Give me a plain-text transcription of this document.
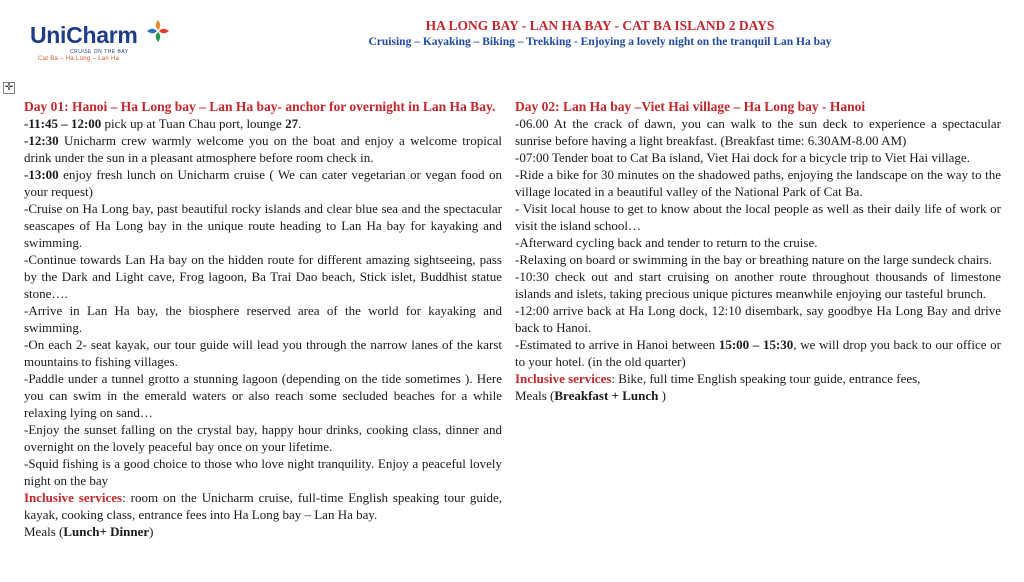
UniCharm
CRUISE ON THE BAY
Cat Ba – Ha Long – Lan Ha
HA LONG BAY - LAN HA BAY - CAT BA ISLAND 2 DAYS
Cruising – Kayaking – Biking – Trekking - Enjoying a lovely night on the tranquil Lan Ha bay
✛

Day 01: Hanoi – Ha Long bay – Lan Ha bay- anchor for overnight in Lan Ha Bay.

-11:45 – 12:00 pick up at Tuan Chau port, lounge 27.

-12:30 Unicharm crew warmly welcome you on the boat and enjoy a welcome tropical drink under the sun in a pleasant atmosphere before room check in.

-13:00 enjoy fresh lunch on Unicharm cruise ( We can cater vegetarian or vegan food on your request)

-Cruise on Ha Long bay, past beautiful rocky islands and clear blue sea and the spectacular seascapes of Ha Long bay in the unique route heading to Lan Ha bay for kayaking and swimming.

-Continue towards Lan Ha bay on the hidden route for different amazing sightseeing, pass by the Dark and Light cave, Frog lagoon, Ba Trai Dao beach, Stick islet, Buddhist statue stone….

-Arrive in Lan Ha bay, the biosphere reserved area of the world for kayaking and swimming.

-On each 2- seat kayak, our tour guide will lead you through the narrow lanes of the karst mountains to fishing villages.

-Paddle under a tunnel grotto a stunning lagoon (depending on the tide sometimes ). Here you can swim in the emerald waters or also reach some secluded beaches for a while relaxing lying on sand…

-Enjoy the sunset falling on the crystal bay, happy hour drinks, cooking class, dinner and overnight on the lovely peaceful bay once on your lifetime.

-Squid fishing is a good choice to those who love night tranquility. Enjoy a peaceful lovely night on the bay

Inclusive services: room on the Unicharm cruise, full-time English speaking tour guide, kayak, cooking class, entrance fees into Ha Long bay – Lan Ha bay.

Meals (Lunch+ Dinner)

Day 02: Lan Ha bay –Viet Hai village – Ha Long bay - Hanoi

-06.00 At the crack of dawn, you can walk to the sun deck to experience a spectacular sunrise before having a light breakfast. (Breakfast time: 6.30AM-8.00 AM)

-07:00 Tender boat to Cat Ba island, Viet Hai dock for a bicycle trip to Viet Hai village.

-Ride a bike for 30 minutes on the shadowed paths, enjoying the landscape on the way to the village located in a beautiful valley of the National Park of Cat Ba.

- Visit local house to get to know about the local people as well as their daily life of work or visit the island school…

-Afterward cycling back and tender to return to the cruise.

-Relaxing on board or swimming in the bay or breathing nature on the large sundeck chairs.

-10:30 check out and start cruising on another route throughout thousands of limestone islands and islets, taking precious unique pictures meanwhile enjoying our tasteful brunch.

-12:00 arrive back at Ha Long dock, 12:10 disembark, say goodbye Ha Long Bay and drive back to Hanoi.

-Estimated to arrive in Hanoi between 15:00 – 15:30, we will drop you back to our office or to your hotel. (in the old quarter)

Inclusive services: Bike, full time English speaking tour guide, entrance fees,

Meals (Breakfast + Lunch )
